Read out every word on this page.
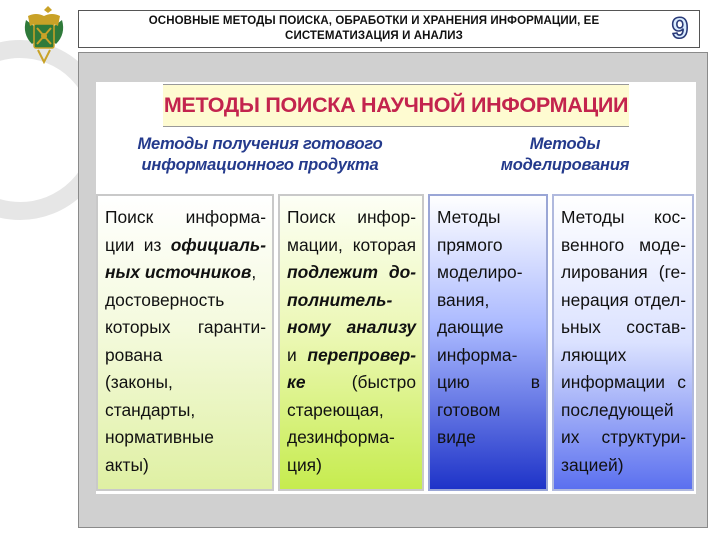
ОСНОВНЫЕ МЕТОДЫ ПОИСКА, ОБРАБОТКИ И ХРАНЕНИЯ ИНФОРМАЦИИ, ЕЕ
СИСТЕМАТИЗАЦИЯ И АНАЛИЗ	9
МЕТОДЫ ПОИСКА НАУЧНОЙ ИНФОРМАЦИИ
Методы получения готового
информационного продукта
Методы
моделирования
Поиск информа-
ции из официаль-
ных источников,
достоверность
которых гаранти-
рована
(законы,
стандарты,
нормативные
акты)
Поиск инфор-
мации, которая
подлежит до-
полнитель-
ному анализу
и перепровер-
ке	(быстро
стареющая,
дезинформа-
ция)
Методы
прямого
моделиро-
вания,
дающие
информа-
цию в
готовом
виде
Методы кос-
венного моде-
лирования (ге-
нерация отдел-
ьных состав-
ляющих
информации с
последующей
их структури-
зацией)
